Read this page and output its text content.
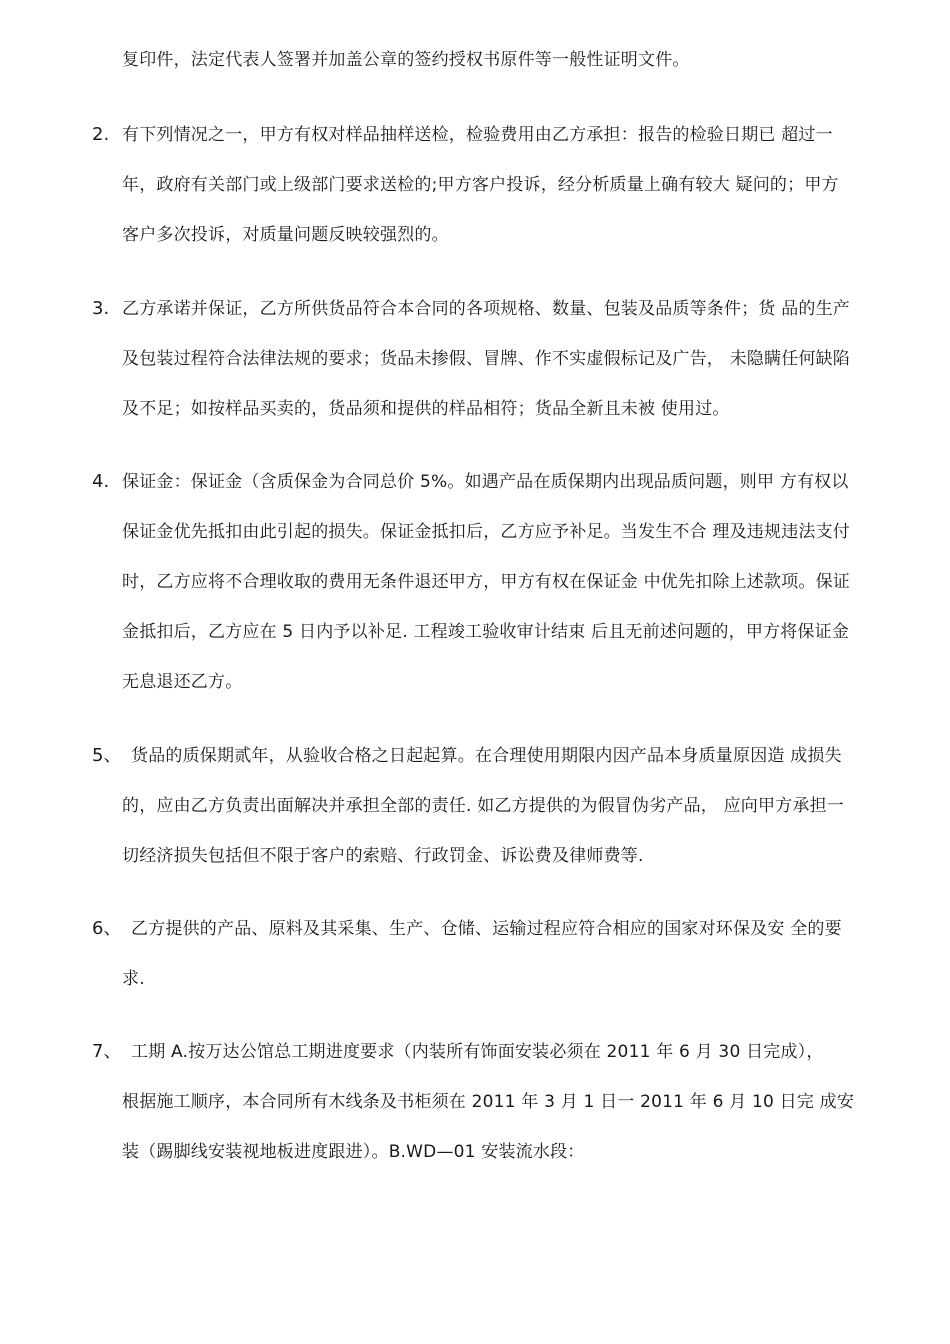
复印件，法定代表人签署并加盖公章的签约授权书原件等一般性证明文件。
2. 有下列情况之一，甲方有权对样品抽样送检，检验费用由乙方承担：报告的检验日期已 超过一
年，政府有关部门或上级部门要求送检的;甲方客户投诉，经分析质量上确有较大 疑问的；甲方
客户多次投诉，对质量问题反映较强烈的。
3. 乙方承诺并保证，乙方所供货品符合本合同的各项规格、数量、包装及品质等条件；货 品的生产
及包装过程符合法律法规的要求；货品未掺假、冒牌、作不实虚假标记及广告， 未隐瞒任何缺陷
及不足；如按样品买卖的，货品须和提供的样品相符；货品全新且未被 使用过。
4. 保证金：保证金（含质保金为合同总价 5%。如遇产品在质保期内出现品质问题，则甲 方有权以
保证金优先抵扣由此引起的损失。保证金抵扣后，乙方应予补足。当发生不合 理及违规违法支付
时，乙方应将不合理收取的费用无条件退还甲方，甲方有权在保证金 中优先扣除上述款项。保证
金抵扣后，乙方应在 5 日内予以补足. 工程竣工验收审计结束 后且无前述问题的，甲方将保证金
无息退还乙方。
5、 货品的质保期贰年，从验收合格之日起起算。在合理使用期限内因产品本身质量原因造 成损失
的，应由乙方负责出面解决并承担全部的责任. 如乙方提供的为假冒伪劣产品， 应向甲方承担一
切经济损失包括但不限于客户的索赔、行政罚金、诉讼费及律师费等.
6、 乙方提供的产品、原料及其采集、生产、仓储、运输过程应符合相应的国家对环保及安 全的要
求.
7、 工期 A.按万达公馆总工期进度要求（内装所有饰面安装必须在 2011 年 6 月 30 日完成），
根据施工顺序，本合同所有木线条及书柜须在 2011 年 3 月 1 日一 2011 年 6 月 10 日完 成安
装（踢脚线安装视地板进度跟进）。B.WD—01 安装流水段：
